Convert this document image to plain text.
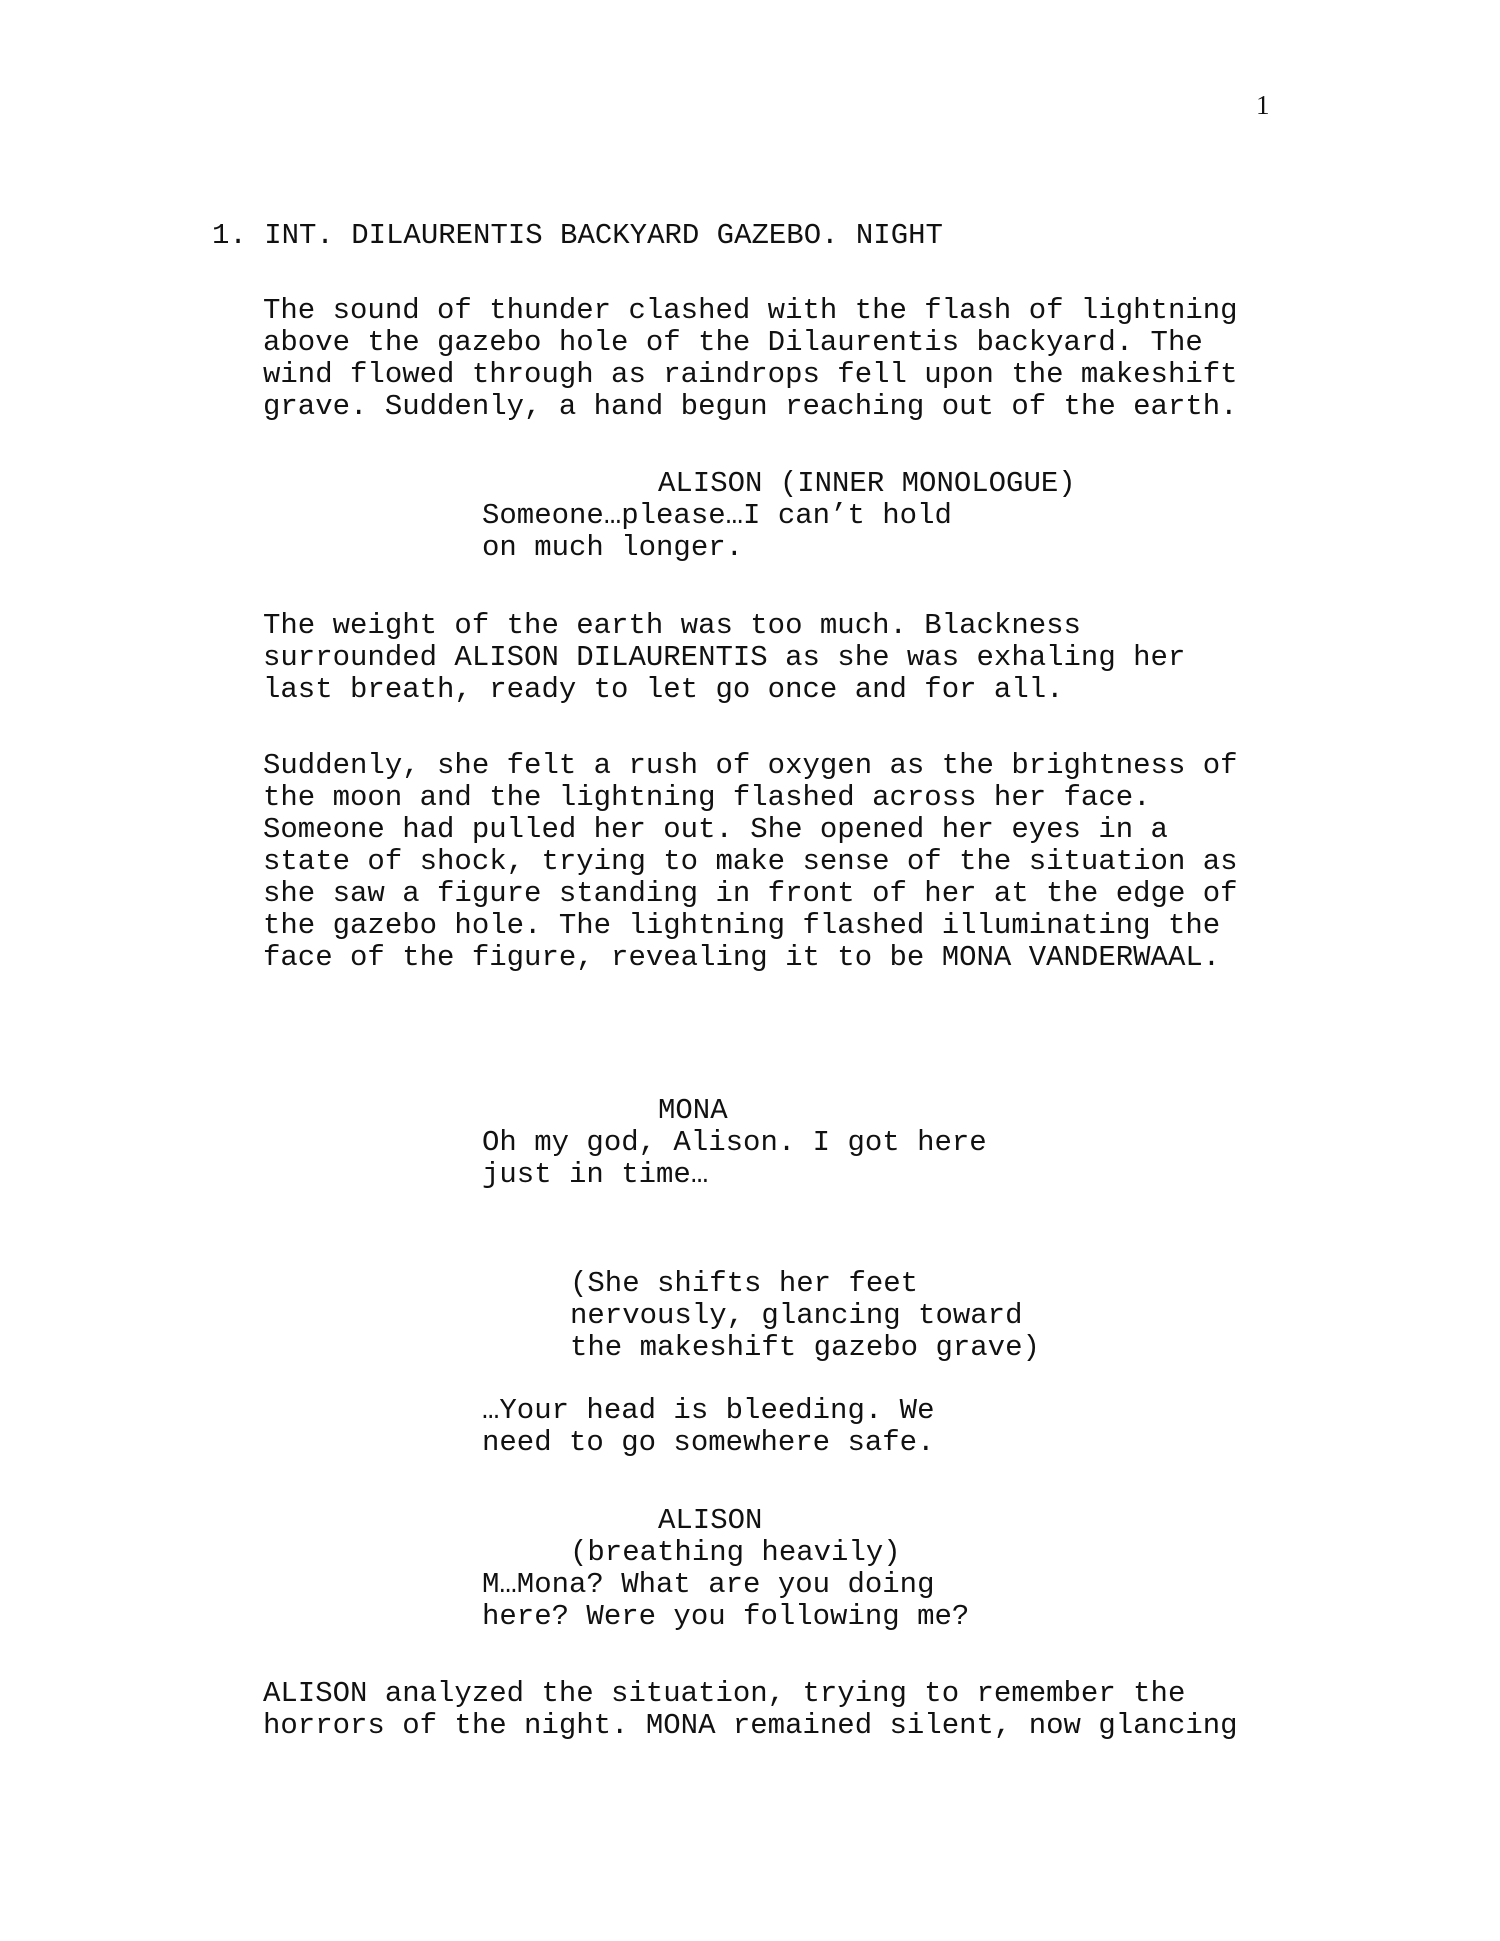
1
1. INT. DILAURENTIS BACKYARD GAZEBO. NIGHT
The sound of thunder clashed with the flash of lightning
above the gazebo hole of the Dilaurentis backyard. The
wind flowed through as raindrops fell upon the makeshift
grave. Suddenly, a hand begun reaching out of the earth.
ALISON (INNER MONOLOGUE)
Someone…please…I can’t hold
on much longer.
The weight of the earth was too much. Blackness
surrounded ALISON DILAURENTIS as she was exhaling her
last breath, ready to let go once and for all.
Suddenly, she felt a rush of oxygen as the brightness of
the moon and the lightning flashed across her face.
Someone had pulled her out. She opened her eyes in a
state of shock, trying to make sense of the situation as
she saw a figure standing in front of her at the edge of
the gazebo hole. The lightning flashed illuminating the
face of the figure, revealing it to be MONA VANDERWAAL.
MONA
Oh my god, Alison. I got here
just in time…
(She shifts her feet
nervously, glancing toward
the makeshift gazebo grave)
…Your head is bleeding. We
need to go somewhere safe.
ALISON
(breathing heavily)
M…Mona? What are you doing
here? Were you following me?
ALISON analyzed the situation, trying to remember the
horrors of the night. MONA remained silent, now glancing
